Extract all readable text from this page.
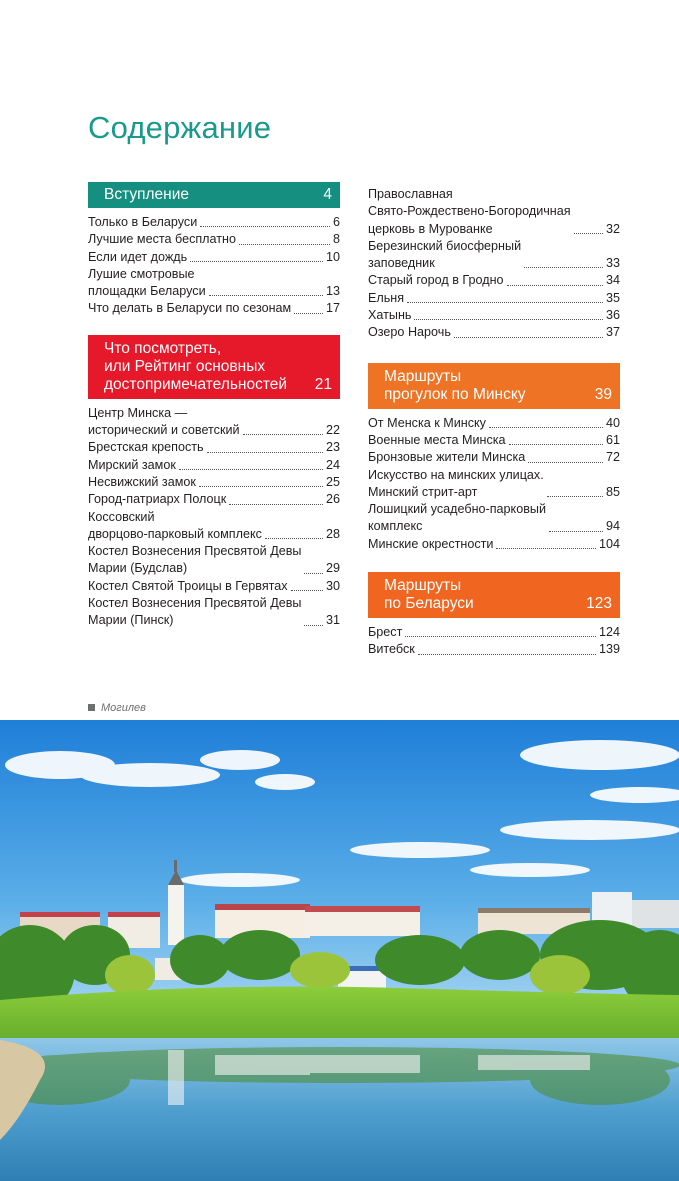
Содержание
Вступление	4
Только в Беларуси	6
Лучшие места бесплатно	8
Если идет дождь	10
Лушие смотровые
площадки Беларуси	13
Что делать в Беларуси по сезонам	17
Что посмотреть,
или Рейтинг основных
достопримечательностей 21
Центр Минска —
исторический и советский	22
Брестская крепость	23
Мирский замок	24
Несвижский замок	25
Город-патриарх Полоцк	26
Коссовский
дворцово-парковый комплекс	28
Костел Вознесения Пресвятой Девы
Марии (Будслав)	29
Костел Святой Троицы в Гервятах	30
Костел Вознесения Пресвятой Девы
Марии (Пинск)	31
Православная
Свято-Рождествено-Богородичная
церковь в Мурованке	32
Березинский биосферный
заповедник	33
Старый город в Гродно	34
Ельня	35
Хатынь	36
Озеро Нарочь	37
Маршруты
прогулок по Минску	39
От Менска к Минску	40
Военные места Минска	61
Бронзовые жители Минска	72
Искусство на минских улицах.
Минский стрит-арт	85
Лошицкий усадебно-парковый
комплекс	94
Минские окрестности	104
Маршруты
по Беларуси	123
Брест	124
Витебск	139
Могилев
